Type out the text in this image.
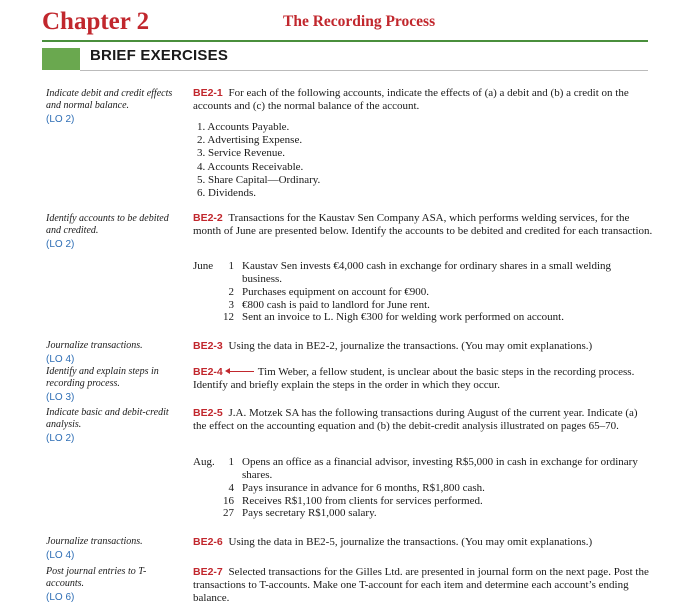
Chapter 2	The Recording Process
BRIEF EXERCISES
Indicate debit and credit effects and normal balance.
(LO 2)
Identify accounts to be debited and credited.
(LO 2)
Journalize transactions.
(LO 4)
Identify and explain steps in recording process.
(LO 3)
Indicate basic and debit-credit analysis.
(LO 2)
Journalize transactions.
(LO 4)
Post journal entries to T-accounts.
(LO 6)
BE2-1 For each of the following accounts, indicate the effects of (a) a debit and (b) a credit on the accounts and (c) the normal balance of the account.
1. Accounts Payable.
2. Advertising Expense.
3. Service Revenue.
4. Accounts Receivable.
5. Share Capital—Ordinary.
6. Dividends.
BE2-2 Transactions for the Kaustav Sen Company ASA, which performs welding services, for the month of June are presented below. Identify the accounts to be debited and credited for each transaction.
June	1 Kaustav Sen invests €4,000 cash in exchange for ordinary shares in a small welding business.
2 Purchases equipment on account for €900.
3 €800 cash is paid to landlord for June rent.
12 Sent an invoice to L. Nigh €300 for welding work performed on account.
BE2-3 Using the data in BE2-2, journalize the transactions. (You may omit explanations.)
BE2-4	Tim Weber, a fellow student, is unclear about the basic steps in the recording process. Identify and briefly explain the steps in the order in which they occur.
BE2-5 J.A. Motzek SA has the following transactions during August of the current year. Indicate (a) the effect on the accounting equation and (b) the debit-credit analysis illustrated on pages 65–70.
Aug.	1 Opens an office as a financial advisor, investing R$5,000 in cash in exchange for ordinary shares.
4 Pays insurance in advance for 6 months, R$1,800 cash.
16 Receives R$1,100 from clients for services performed.
27 Pays secretary R$1,000 salary.
BE2-6 Using the data in BE2-5, journalize the transactions. (You may omit explanations.)
BE2-7 Selected transactions for the Gilles Ltd. are presented in journal form on the next page. Post the transactions to T-accounts. Make one T-account for each item and determine each account’s ending balance.
